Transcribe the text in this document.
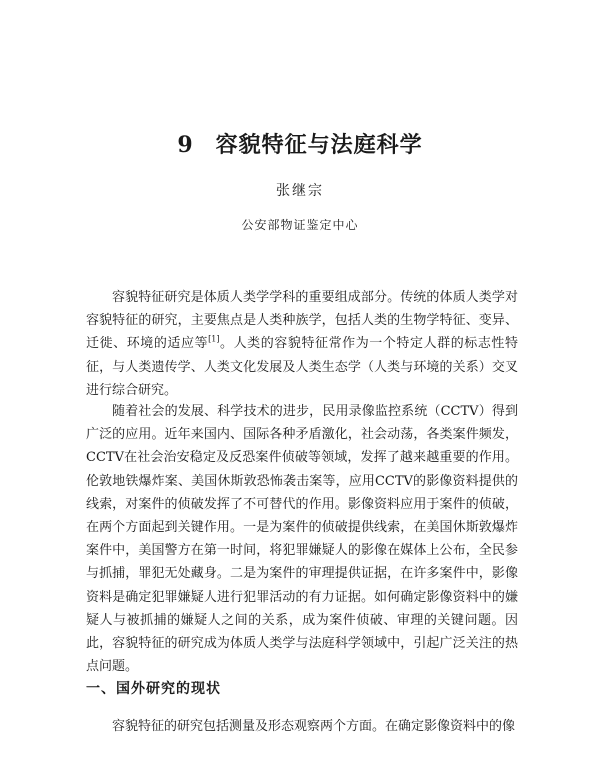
9 容貌特征与法庭科学
张继宗
公安部物证鉴定中心

容貌特征研究是体质人类学学科的重要组成部分。传统的体质人类学对容貌特征的研究，主要焦点是人类种族学，包括人类的生物学特征、变异、迁徙、环境的适应等[1]。人类的容貌特征常作为一个特定人群的标志性特征，与人类遗传学、人类文化发展及人类生态学（人类与环境的关系）交叉进行综合研究。

随着社会的发展、科学技术的进步，民用录像监控系统（CCTV）得到广泛的应用。近年来国内、国际各种矛盾激化，社会动荡，各类案件频发，CCTV在社会治安稳定及反恐案件侦破等领域，发挥了越来越重要的作用。伦敦地铁爆炸案、美国休斯敦恐怖袭击案等，应用CCTV的影像资料提供的线索，对案件的侦破发挥了不可替代的作用。影像资料应用于案件的侦破，在两个方面起到关键作用。一是为案件的侦破提供线索，在美国休斯敦爆炸案件中，美国警方在第一时间，将犯罪嫌疑人的影像在媒体上公布，全民参与抓捕，罪犯无处藏身。二是为案件的审理提供证据，在许多案件中，影像资料是确定犯罪嫌疑人进行犯罪活动的有力证据。如何确定影像资料中的嫌疑人与被抓捕的嫌疑人之间的关系，成为案件侦破、审理的关键问题。因此，容貌特征的研究成为体质人类学与法庭科学领域中，引起广泛关注的热点问题。

一、国外研究的现状

容貌特征的研究包括测量及形态观察两个方面。在确定影像资料中的像
